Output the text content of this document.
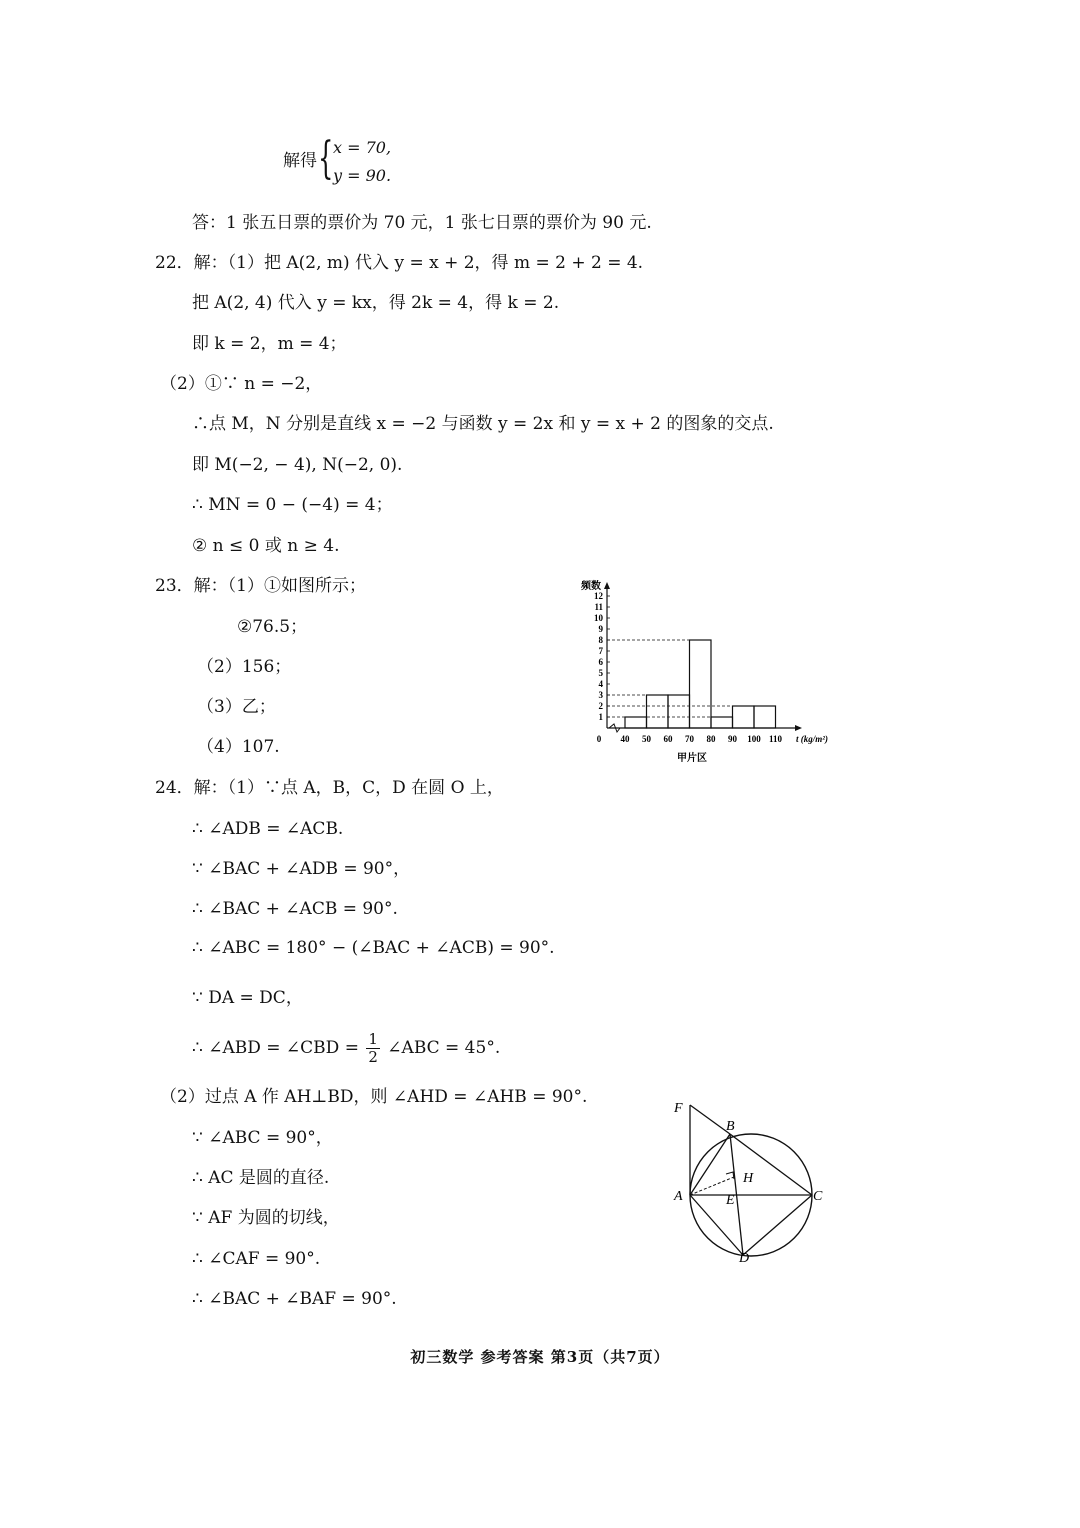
解得 { x = 70,
y = 90.
答：1 张五日票的票价为 70 元，1 张七日票的票价为 90 元.
22．解：（1）把 A(2, m) 代入 y = x + 2，得 m = 2 + 2 = 4.
把 A(2, 4) 代入 y = kx，得 2k = 4，得 k = 2.
即 k = 2，m = 4；
（2）①∵ n = −2，
∴点 M，N 分别是直线 x = −2 与函数 y = 2x 和 y = x + 2 的图象的交点.
即 M(−2, − 4), N(−2, 0).
∴ MN = 0 − (−4) = 4；
② n ≤ 0 或 n ≥ 4.
23．解：（1）①如图所示；
②76.5；
（2）156；
（3）乙；
（4）107.
1
2
3
4
5
6
7
8
9
10
11
12
0 40 50 60 70 80 90 100 110 t (kg/m²)
频数
甲片区
24．解：（1）∵点 A，B，C，D 在圆 O 上，
∴ ∠ADB = ∠ACB.
∵ ∠BAC + ∠ADB = 90°，
∴ ∠BAC + ∠ACB = 90°.
∴ ∠ABC = 180° − (∠BAC + ∠ACB) = 90°.
∵ DA = DC，
∴ ∠ABD = ∠CBD = $\frac{1}{2}$ ∠ABC = 45°.
（2）过点 A 作 AH⊥BD，则 ∠AHD = ∠AHB = 90°.
∵ ∠ABC = 90°，
∴ AC 是圆的直径.
∵ AF 为圆的切线，
∴ ∠CAF = 90°.
∴ ∠BAC + ∠BAF = 90°.
F
B
H
A	E	C
D
初三数学 参考答案 第3页（共7页）
